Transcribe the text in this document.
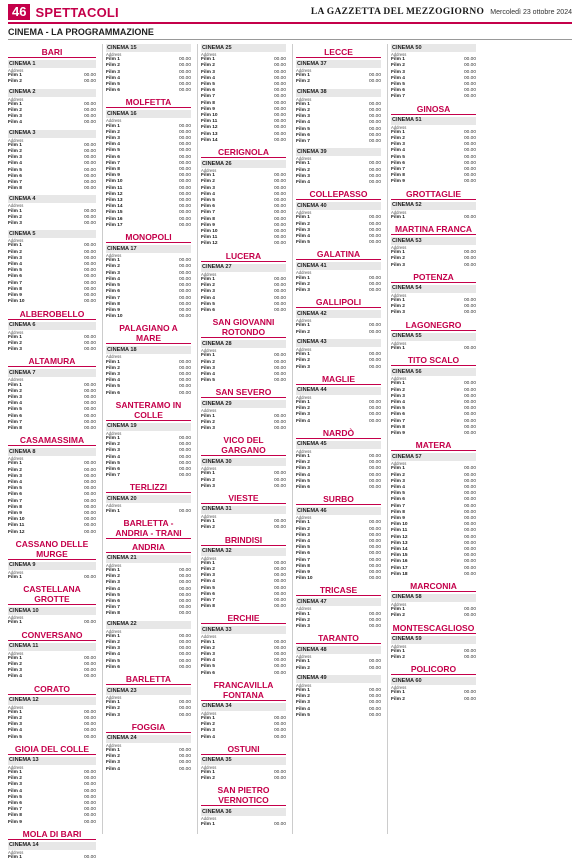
46 SPETTACOLI	LA GAZZETTA DEL MEZZOGIORNO Mercoledì 23 ottobre 2024
CINEMA - LA PROGRAMMAZIONE
BARI
CINEMA 1
Address
Film 1	00.00
Film 2	00.00
CINEMA 2
Address
Film 1	00.00
Film 2	00.00
Film 3	00.00
Film 4	00.00
CINEMA 3
Address
Film 1	00.00
Film 2	00.00
Film 3	00.00
Film 4	00.00
Film 5	00.00
Film 6	00.00
Film 7	00.00
Film 8	00.00
CINEMA 4
Address
Film 1	00.00
Film 2	00.00
Film 3	00.00
CINEMA 5
Address
Film 1	00.00
Film 2	00.00
Film 3	00.00
Film 4	00.00
Film 5	00.00
Film 6	00.00
Film 7	00.00
Film 8	00.00
Film 9	00.00
Film 10	00.00
ALBEROBELLO
CINEMA 6
Address
Film 1	00.00
Film 2	00.00
Film 3	00.00
ALTAMURA
CINEMA 7
Address
Film 1	00.00
Film 2	00.00
Film 3	00.00
Film 4	00.00
Film 5	00.00
Film 6	00.00
Film 7	00.00
Film 8	00.00
CASAMASSIMA
CINEMA 8
Address
Film 1	00.00
Film 2	00.00
Film 3	00.00
Film 4	00.00
Film 5	00.00
Film 6	00.00
Film 7	00.00
Film 8	00.00
Film 9	00.00
Film 10	00.00
Film 11	00.00
Film 12	00.00
CASSANO DELLE MURGE
CINEMA 9
Address
Film 1	00.00
CASTELLANA GROTTE
CINEMA 10
Address
Film 1	00.00
CONVERSANO
CINEMA 11
Address
Film 1	00.00
Film 2	00.00
Film 3	00.00
Film 4	00.00
CORATO
CINEMA 12
Address
Film 1	00.00
Film 2	00.00
Film 3	00.00
Film 4	00.00
Film 5	00.00
GIOIA DEL COLLE
CINEMA 13
Address
Film 1	00.00
Film 2	00.00
Film 3	00.00
Film 4	00.00
Film 5	00.00
Film 6	00.00
Film 7	00.00
Film 8	00.00
Film 9	00.00
MOLA DI BARI
CINEMA 14
Address
Film 1	00.00
CINEMA 15
Address
Film 1	00.00
Film 2	00.00
Film 3	00.00
Film 4	00.00
Film 5	00.00
Film 6	00.00
MOLFETTA
CINEMA 16
Address
Film 1	00.00
Film 2	00.00
Film 3	00.00
Film 4	00.00
Film 5	00.00
Film 6	00.00
Film 7	00.00
Film 8	00.00
Film 9	00.00
Film 10	00.00
Film 11	00.00
Film 12	00.00
Film 13	00.00
Film 14	00.00
Film 15	00.00
Film 16	00.00
Film 17	00.00
MONOPOLI
CINEMA 17
Address
Film 1	00.00
Film 2	00.00
Film 3	00.00
Film 4	00.00
Film 5	00.00
Film 6	00.00
Film 7	00.00
Film 8	00.00
Film 9	00.00
Film 10	00.00
PALAGIANO A MARE
CINEMA 18
Address
Film 1	00.00
Film 2	00.00
Film 3	00.00
Film 4	00.00
Film 5	00.00
Film 6	00.00
SANTERAMO IN COLLE
CINEMA 19
Address
Film 1	00.00
Film 2	00.00
Film 3	00.00
Film 4	00.00
Film 5	00.00
Film 6	00.00
Film 7	00.00
TERLIZZI
CINEMA 20
Address
Film 1	00.00
BARLETTA - ANDRIA - TRANI
ANDRIA
CINEMA 21
Address
Film 1	00.00
Film 2	00.00
Film 3	00.00
Film 4	00.00
Film 5	00.00
Film 6	00.00
Film 7	00.00
Film 8	00.00
CINEMA 22
Address
Film 1	00.00
Film 2	00.00
Film 3	00.00
Film 4	00.00
Film 5	00.00
Film 6	00.00
BARLETTA
CINEMA 23
Address
Film 1	00.00
Film 2	00.00
Film 3	00.00
FOGGIA
CINEMA 24
Address
Film 1	00.00
Film 2	00.00
Film 3	00.00
Film 4	00.00
CINEMA 25
Address
Film 1	00.00
Film 2	00.00
Film 3	00.00
Film 4	00.00
Film 5	00.00
Film 6	00.00
Film 7	00.00
Film 8	00.00
Film 9	00.00
Film 10	00.00
Film 11	00.00
Film 12	00.00
Film 13	00.00
Film 14	00.00
CERIGNOLA
CINEMA 26
Address
Film 1	00.00
Film 2	00.00
Film 3	00.00
Film 4	00.00
Film 5	00.00
Film 6	00.00
Film 7	00.00
Film 8	00.00
Film 9	00.00
Film 10	00.00
Film 11	00.00
Film 12	00.00
LUCERA
CINEMA 27
Address
Film 1	00.00
Film 2	00.00
Film 3	00.00
Film 4	00.00
Film 5	00.00
Film 6	00.00
SAN GIOVANNI ROTONDO
CINEMA 28
Address
Film 1	00.00
Film 2	00.00
Film 3	00.00
Film 4	00.00
Film 5	00.00
SAN SEVERO
CINEMA 29
Address
Film 1	00.00
Film 2	00.00
Film 3	00.00
VICO DEL GARGANO
CINEMA 30
Address
Film 1	00.00
Film 2	00.00
Film 3	00.00
VIESTE
CINEMA 31
Address
Film 1	00.00
Film 2	00.00
BRINDISI
CINEMA 32
Address
Film 1	00.00
Film 2	00.00
Film 3	00.00
Film 4	00.00
Film 5	00.00
Film 6	00.00
Film 7	00.00
Film 8	00.00
ERCHIE
CINEMA 33
Address
Film 1	00.00
Film 2	00.00
Film 3	00.00
Film 4	00.00
Film 5	00.00
Film 6	00.00
FRANCAVILLA FONTANA
CINEMA 34
Address
Film 1	00.00
Film 2	00.00
Film 3	00.00
Film 4	00.00
OSTUNI
CINEMA 35
Address
Film 1	00.00
Film 2	00.00
SAN PIETRO VERNOTICO
CINEMA 36
Address
Film 1	00.00
LECCE
CINEMA 37
Address
Film 1	00.00
Film 2	00.00
CINEMA 38
Address
Film 1	00.00
Film 2	00.00
Film 3	00.00
Film 4	00.00
Film 5	00.00
Film 6	00.00
Film 7	00.00
CINEMA 39
Address
Film 1	00.00
Film 2	00.00
Film 3	00.00
Film 4	00.00
COLLEPASSO
CINEMA 40
Address
Film 1	00.00
Film 2	00.00
Film 3	00.00
Film 4	00.00
Film 5	00.00
GALATINA
CINEMA 41
Address
Film 1	00.00
Film 2	00.00
Film 3	00.00
GALLIPOLI
CINEMA 42
Address
Film 1	00.00
Film 2	00.00
CINEMA 43
Address
Film 1	00.00
Film 2	00.00
Film 3	00.00
MAGLIE
CINEMA 44
Address
Film 1	00.00
Film 2	00.00
Film 3	00.00
Film 4	00.00
NARDÒ
CINEMA 45
Address
Film 1	00.00
Film 2	00.00
Film 3	00.00
Film 4	00.00
Film 5	00.00
Film 6	00.00
SURBO
CINEMA 46
Address
Film 1	00.00
Film 2	00.00
Film 3	00.00
Film 4	00.00
Film 5	00.00
Film 6	00.00
Film 7	00.00
Film 8	00.00
Film 9	00.00
Film 10	00.00
TRICASE
CINEMA 47
Address
Film 1	00.00
Film 2	00.00
Film 3	00.00
TARANTO
CINEMA 48
Address
Film 1	00.00
Film 2	00.00
CINEMA 49
Address
Film 1	00.00
Film 2	00.00
Film 3	00.00
Film 4	00.00
Film 5	00.00
CINEMA 50
Address
Film 1	00.00
Film 2	00.00
Film 3	00.00
Film 4	00.00
Film 5	00.00
Film 6	00.00
Film 7	00.00
GINOSA
CINEMA 51
Address
Film 1	00.00
Film 2	00.00
Film 3	00.00
Film 4	00.00
Film 5	00.00
Film 6	00.00
Film 7	00.00
Film 8	00.00
Film 9	00.00
GROTTAGLIE
CINEMA 52
Address
Film 1	00.00
MARTINA FRANCA
CINEMA 53
Address
Film 1	00.00
Film 2	00.00
Film 3	00.00
POTENZA
CINEMA 54
Address
Film 1	00.00
Film 2	00.00
Film 3	00.00
LAGONEGRO
CINEMA 55
Address
Film 1	00.00
TITO SCALO
CINEMA 56
Address
Film 1	00.00
Film 2	00.00
Film 3	00.00
Film 4	00.00
Film 5	00.00
Film 6	00.00
Film 7	00.00
Film 8	00.00
Film 9	00.00
MATERA
CINEMA 57
Address
Film 1	00.00
Film 2	00.00
Film 3	00.00
Film 4	00.00
Film 5	00.00
Film 6	00.00
Film 7	00.00
Film 8	00.00
Film 9	00.00
Film 10	00.00
Film 11	00.00
Film 12	00.00
Film 13	00.00
Film 14	00.00
Film 15	00.00
Film 16	00.00
Film 17	00.00
Film 18	00.00
MARCONIA
CINEMA 58
Address
Film 1	00.00
Film 2	00.00
MONTESCAGLIOSO
CINEMA 59
Address
Film 1	00.00
Film 2	00.00
POLICORO
CINEMA 60
Address
Film 1	00.00
Film 2	00.00
